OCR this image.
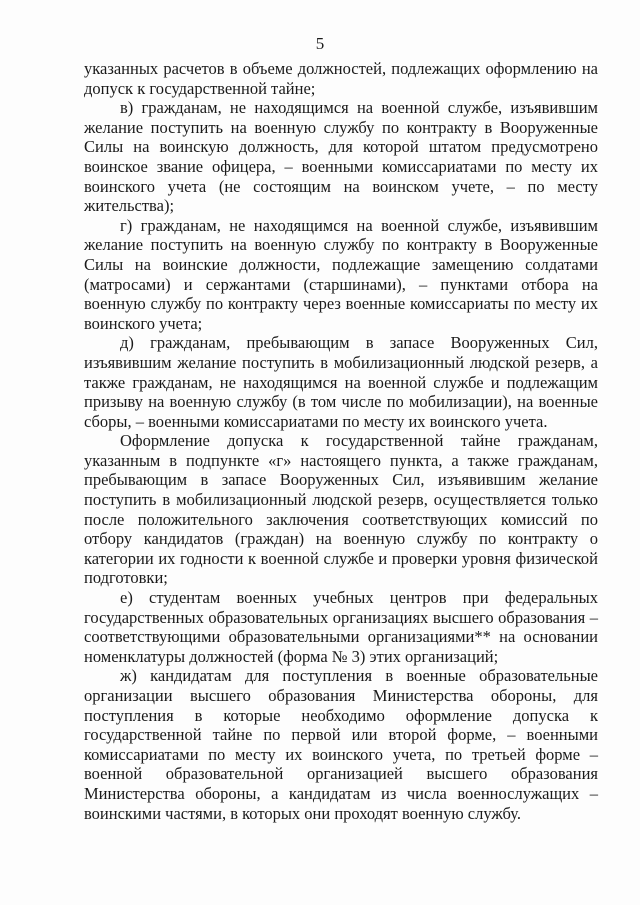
5

указанных расчетов в объеме должностей, подлежащих оформлению на допуск к государственной тайне;

в) гражданам, не находящимся на военной службе, изъявившим желание поступить на военную службу по контракту в Вооруженные Силы на воинскую должность, для которой штатом предусмотрено воинское звание офицера, – военными комиссариатами по месту их воинского учета (не состоящим на воинском учете, – по месту жительства);

г) гражданам, не находящимся на военной службе, изъявившим желание поступить на военную службу по контракту в Вооруженные Силы на воинские должности, подлежащие замещению солдатами (матросами) и сержантами (старшинами), – пунктами отбора на военную службу по контракту через военные комиссариаты по месту их воинского учета;

д) гражданам, пребывающим в запасе Вооруженных Сил, изъявившим желание поступить в мобилизационный людской резерв, а также гражданам, не находящимся на военной службе и подлежащим призыву на военную службу (в том числе по мобилизации), на военные сборы, – военными комиссариатами по месту их воинского учета.

Оформление допуска к государственной тайне гражданам, указанным в подпункте «г» настоящего пункта, а также гражданам, пребывающим в запасе Вооруженных Сил, изъявившим желание поступить в мобилизационный людской резерв, осуществляется только после положительного заключения соответствующих комиссий по отбору кандидатов (граждан) на военную службу по контракту о категории их годности к военной службе и проверки уровня физической подготовки;

е) студентам военных учебных центров при федеральных государственных образовательных организациях высшего образования – соответствующими образовательными организациями** на основании номенклатуры должностей (форма № 3) этих организаций;

ж) кандидатам для поступления в военные образовательные организации высшего образования Министерства обороны, для поступления в которые необходимо оформление допуска к государственной тайне по первой или второй форме, – военными комиссариатами по месту их воинского учета, по третьей форме – военной образовательной организацией высшего образования Министерства обороны, а кандидатам из числа военнослужащих – воинскими частями, в которых они проходят военную службу.
